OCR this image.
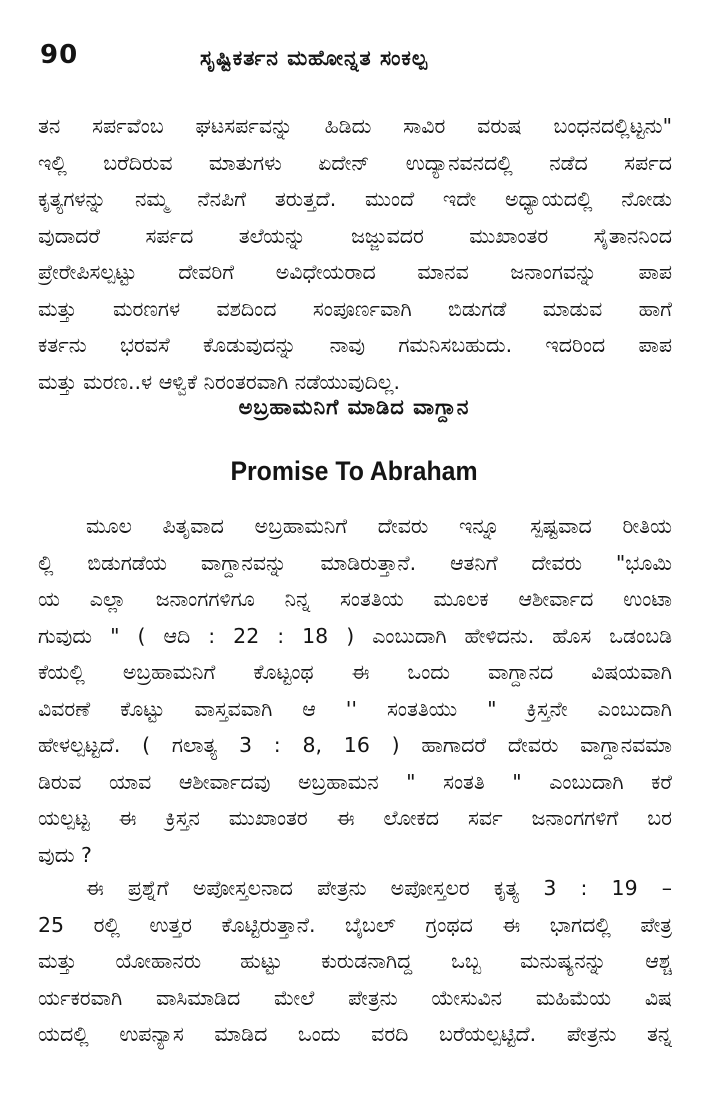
90	ಸೃಷ್ಟಿಕರ್ತನ ಮಹೋನ್ನತ ಸಂಕಲ್ಪ
ತನ ಸರ್ಪವೆಂಬ ಘಟಸರ್ಪವನ್ನು ಹಿಡಿದು ಸಾವಿರ ವರುಷ ಬಂಧನದಲ್ಲಿಟ್ಟನು"
ಇಲ್ಲಿ ಬರೆದಿರುವ ಮಾತುಗಳು ಏದೇನ್ ಉದ್ಯಾನವನದಲ್ಲಿ ನಡೆದ ಸರ್ಪದ
ಕೃತ್ಯಗಳನ್ನು ನಮ್ಮ ನೆನಪಿಗೆ ತರುತ್ತದೆ. ಮುಂದೆ ಇದೇ ಅಧ್ಯಾಯದಲ್ಲಿ ನೋಡು
ವುದಾದರೆ ಸರ್ಪದ ತಲೆಯನ್ನು ಜಜ್ಜುವದರ ಮುಖಾಂತರ ಸೈತಾನನಿಂದ
ಪ್ರೇರೇಪಿಸಲ್ಪಟ್ಟು ದೇವರಿಗೆ ಅವಿಧೇಯರಾದ ಮಾನವ ಜನಾಂಗವನ್ನು ಪಾಪ
ಮತ್ತು ಮರಣಗಳ ವಶದಿಂದ ಸಂಪೂರ್ಣವಾಗಿ ಬಿಡುಗಡೆ ಮಾಡುವ ಹಾಗೆ
ಕರ್ತನು ಭರವಸೆ ಕೊಡುವುದನ್ನು ನಾವು ಗಮನಿಸಬಹುದು. ಇದರಿಂದ ಪಾಪ
ಮತ್ತು ಮರಣ..ಳ ಆಳ್ವಿಕೆ ನಿರಂತರವಾಗಿ ನಡೆಯುವುದಿಲ್ಲ.
ಅಬ್ರಹಾಮನಿಗೆ ಮಾಡಿದ ವಾಗ್ದಾನ
Promise To Abraham
ಮೂಲ ಪಿತೃವಾದ ಅಬ್ರಹಾಮನಿಗೆ ದೇವರು ಇನ್ನೂ ಸ್ಪಷ್ಟವಾದ ರೀತಿಯ
ಲ್ಲಿ ಬಿಡುಗಡೆಯ ವಾಗ್ದಾನವನ್ನು ಮಾಡಿರುತ್ತಾನೆ. ಆತನಿಗೆ ದೇವರು "ಭೂಮಿ
ಯ ಎಲ್ಲಾ ಜನಾಂಗಗಳಿಗೂ ನಿನ್ನ ಸಂತತಿಯ ಮೂಲಕ ಆಶೀರ್ವಾದ ಉಂಟಾ
ಗುವುದು " ( ಆದಿ : 22 : 18 ) ಎಂಬುದಾಗಿ ಹೇಳಿದನು. ಹೊಸ ಒಡಂಬಡಿ
ಕೆಯಲ್ಲಿ ಅಬ್ರಹಾಮನಿಗೆ ಕೊಟ್ಟಂಥ ಈ ಒಂದು ವಾಗ್ದಾನದ ವಿಷಯವಾಗಿ
ವಿವರಣೆ ಕೊಟ್ಟು ವಾಸ್ತವವಾಗಿ ಆ '' ಸಂತತಿಯು " ಕ್ರಿಸ್ತನೇ ಎಂಬುದಾಗಿ
ಹೇಳಲ್ಪಟ್ಟದೆ. ( ಗಲಾತ್ಯ 3 : 8, 16 ) ಹಾಗಾದರೆ ದೇವರು ವಾಗ್ದಾನವಮಾ
ಡಿರುವ ಯಾವ ಆಶೀರ್ವಾದವು ಅಬ್ರಹಾಮನ " ಸಂತತಿ " ಎಂಬುದಾಗಿ ಕರೆ
ಯಲ್ಪಟ್ಟ ಈ ಕ್ರಿಸ್ತನ ಮುಖಾಂತರ ಈ ಲೋಕದ ಸರ್ವ ಜನಾಂಗಗಳಿಗೆ ಬರ
ವುದು ?
ಈ ಪ್ರಶ್ನೆಗೆ ಅಪೋಸ್ತಲನಾದ ಪೇತ್ರನು ಅಪೋಸ್ತಲರ ಕೃತ್ಯ 3 : 19 –
25 ರಲ್ಲಿ ಉತ್ತರ ಕೊಟ್ಟಿರುತ್ತಾನೆ. ಬೈಬಲ್ ಗ್ರಂಥದ ಈ ಭಾಗದಲ್ಲಿ ಪೇತ್ರ
ಮತ್ತು ಯೋಹಾನರು ಹುಟ್ಟು ಕುರುಡನಾಗಿದ್ದ ಒಬ್ಬ ಮನುಷ್ಯನನ್ನು ಆಶ್ಚ
ರ್ಯಕರವಾಗಿ ವಾಸಿಮಾಡಿದ ಮೇಲೆ ಪೇತ್ರನು ಯೇಸುವಿನ ಮಹಿಮೆಯ ವಿಷ
ಯದಲ್ಲಿ ಉಪನ್ಯಾಸ ಮಾಡಿದ ಒಂದು ವರದಿ ಬರೆಯಲ್ಪಟ್ಟಿದೆ. ಪೇತ್ರನು ತನ್ನ
